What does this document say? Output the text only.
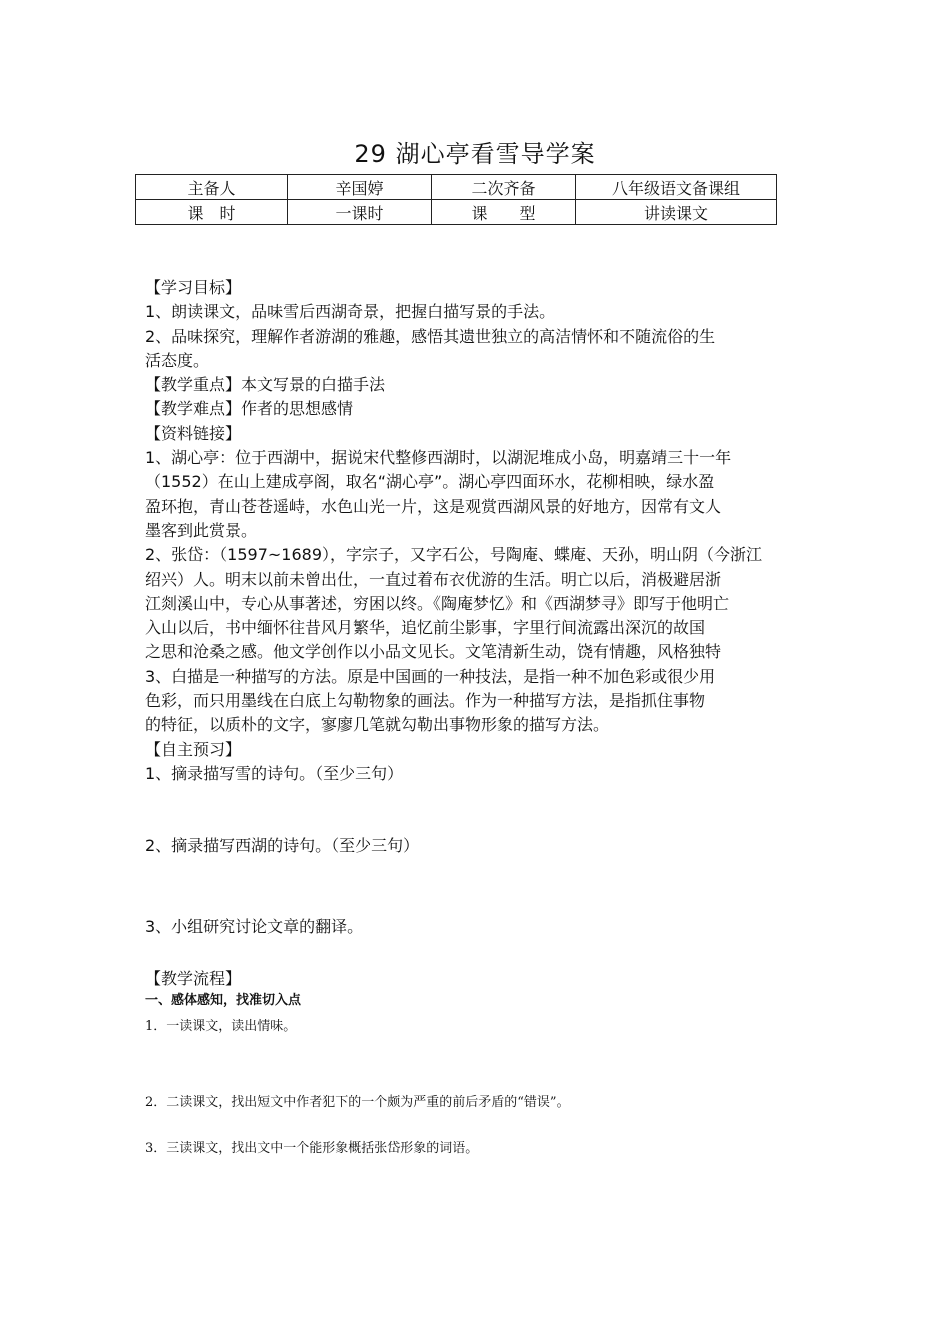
29 湖心亭看雪导学案
主备人	辛国婷	二次齐备	八年级语文备课组
课　时	一课时	课　　型	讲读课文
【学习目标】
1、朗读课文，品味雪后西湖奇景，把握白描写景的手法。
2、品味探究，理解作者游湖的雅趣，感悟其遗世独立的高洁情怀和不随流俗的生
活态度。
【教学重点】本文写景的白描手法
【教学难点】作者的思想感情
【资料链接】
1、湖心亭：位于西湖中，据说宋代整修西湖时，以湖泥堆成小岛，明嘉靖三十一年
（1552）在山上建成亭阁，取名“湖心亭”。湖心亭四面环水，花柳相映，绿水盈
盈环抱，青山苍苍遥峙，水色山光一片，这是观赏西湖风景的好地方，因常有文人
墨客到此赏景。
2、张岱：（1597~1689），字宗子，又字石公，号陶庵、蝶庵、天孙，明山阴（今浙江
绍兴）人。明末以前未曾出仕，一直过着布衣优游的生活。明亡以后，消极避居浙
江剡溪山中，专心从事著述，穷困以终。《陶庵梦忆》和《西湖梦寻》即写于他明亡
入山以后，书中缅怀往昔风月繁华，追忆前尘影事，字里行间流露出深沉的故国
之思和沧桑之感。他文学创作以小品文见长。文笔清新生动，饶有情趣，风格独特
3、白描是一种描写的方法。原是中国画的一种技法，是指一种不加色彩或很少用
色彩，而只用墨线在白底上勾勒物象的画法。作为一种描写方法，是指抓住事物
的特征，以质朴的文字，寥廖几笔就勾勒出事物形象的描写方法。
【自主预习】
1、摘录描写雪的诗句。（至少三句）
2、摘录描写西湖的诗句。（至少三句）
3、小组研究讨论文章的翻译。
【教学流程】
一、感体感知，找准切入点
1．一读课文，读出情味。
2．二读课文，找出短文中作者犯下的一个颇为严重的前后矛盾的“错误”。
3．三读课文，找出文中一个能形象概括张岱形象的词语。
